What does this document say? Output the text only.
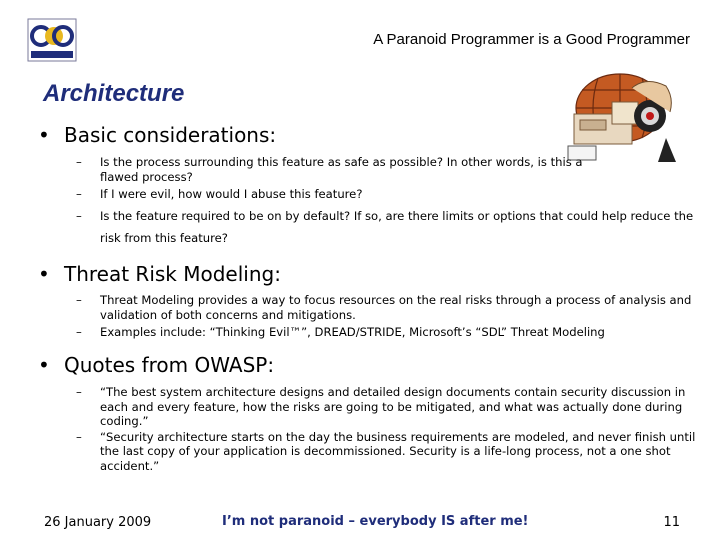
A Paranoid Programmer is a Good Programmer
Architecture
• Basic considerations:
– Is the process surrounding this feature as safe as possible? In other words, is this a flawed process?
– If I were evil, how would I abuse this feature?
– Is the feature required to be on by default? If so, are there limits or options that could help reduce the risk from this feature?
• Threat Risk Modeling:
– Threat Modeling provides a way to focus resources on the real risks through a process of analysis and validation of both concerns and mitigations.
– Examples include: “Thinking Evil™”, DREAD/STRIDE, Microsoft’s “SDL” Threat Modeling
• Quotes from OWASP:
– “The best system architecture designs and detailed design documents contain security discussion in each and every feature, how the risks are going to be mitigated, and what was actually done during coding.”
– “Security architecture starts on the day the business requirements are modeled, and never finish until the last copy of your application is decommissioned. Security is a life-long process, not a one shot accident.”
26 January 2009	I’m not paranoid – everybody IS after me!	11
